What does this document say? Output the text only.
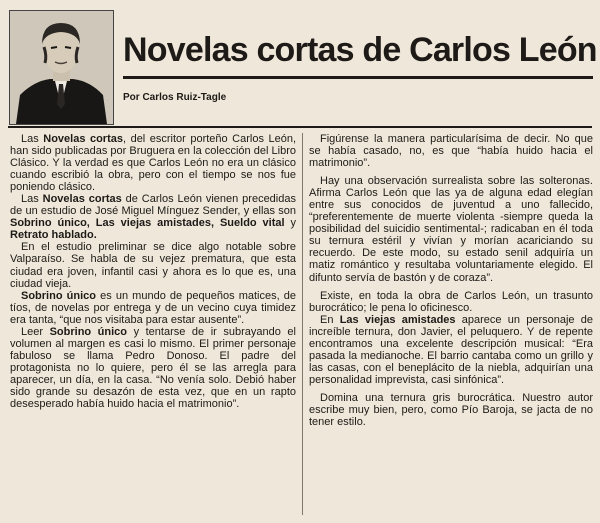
Novelas cortas de Carlos León
Por Carlos Ruiz-Tagle

Las Novelas cortas, del escritor porteño Carlos León, han sido publicadas por Bruguera en la colección del Libro Clásico. Y la verdad es que Carlos León no era un clásico cuando escribió la obra, pero con el tiempo se nos fue poniendo clásico.

Las Novelas cortas de Carlos León vienen precedidas de un estudio de José Miguel Mínguez Sender, y ellas son Sobrino único, Las viejas amistades, Sueldo vital y Retrato hablado.

En el estudio preliminar se dice algo notable sobre Valparaíso. Se habla de su vejez prematura, que esta ciudad era joven, infantil casi y ahora es lo que es, una ciudad vieja.

Sobrino único es un mundo de pequeños matices, de tíos, de novelas por entrega y de un vecino cuya timidez era tanta, “que nos visitaba para estar ausente”.

Leer Sobrino único y tentarse de ir subrayando el volumen al margen es casi lo mismo. El primer personaje fabuloso se llama Pedro Donoso. El padre del protagonista no lo quiere, pero él se las arregla para aparecer, un día, en la casa. “No venía solo. Debió haber sido grande su desazón de esta vez, que en un rapto desesperado había huido hacia el matrimonio”.

Figúrense la manera particularísima de decir. No que se había casado, no, es que “había huido hacia el matrimonio”.

Hay una observación surrealista sobre las solteronas. Afirma Carlos León que las ya de alguna edad elegían entre sus conocidos de juventud a uno fallecido, “preferentemente de muerte violenta -siempre queda la posibilidad del suicidio sentimental-; radicaban en él toda su ternura estéril y vivían y morían acariciando su recuerdo. De este modo, su estado senil adquiría un matiz romántico y resultaba voluntariamente elegido. El difunto servía de bastón y de coraza”.

Existe, en toda la obra de Carlos León, un trasunto burocrático; le pena lo oficinesco.

En Las viejas amistades aparece un personaje de increíble ternura, don Javier, el peluquero. Y de repente encontramos una excelente descripción musical: “Era pasada la medianoche. El barrio cantaba como un grillo y las casas, con el beneplácito de la niebla, adquirían una personalidad imprevista, casi sinfónica”.

Domina una ternura gris burocrática. Nuestro autor escribe muy bien, pero, como Pío Baroja, se jacta de no tener estilo.
